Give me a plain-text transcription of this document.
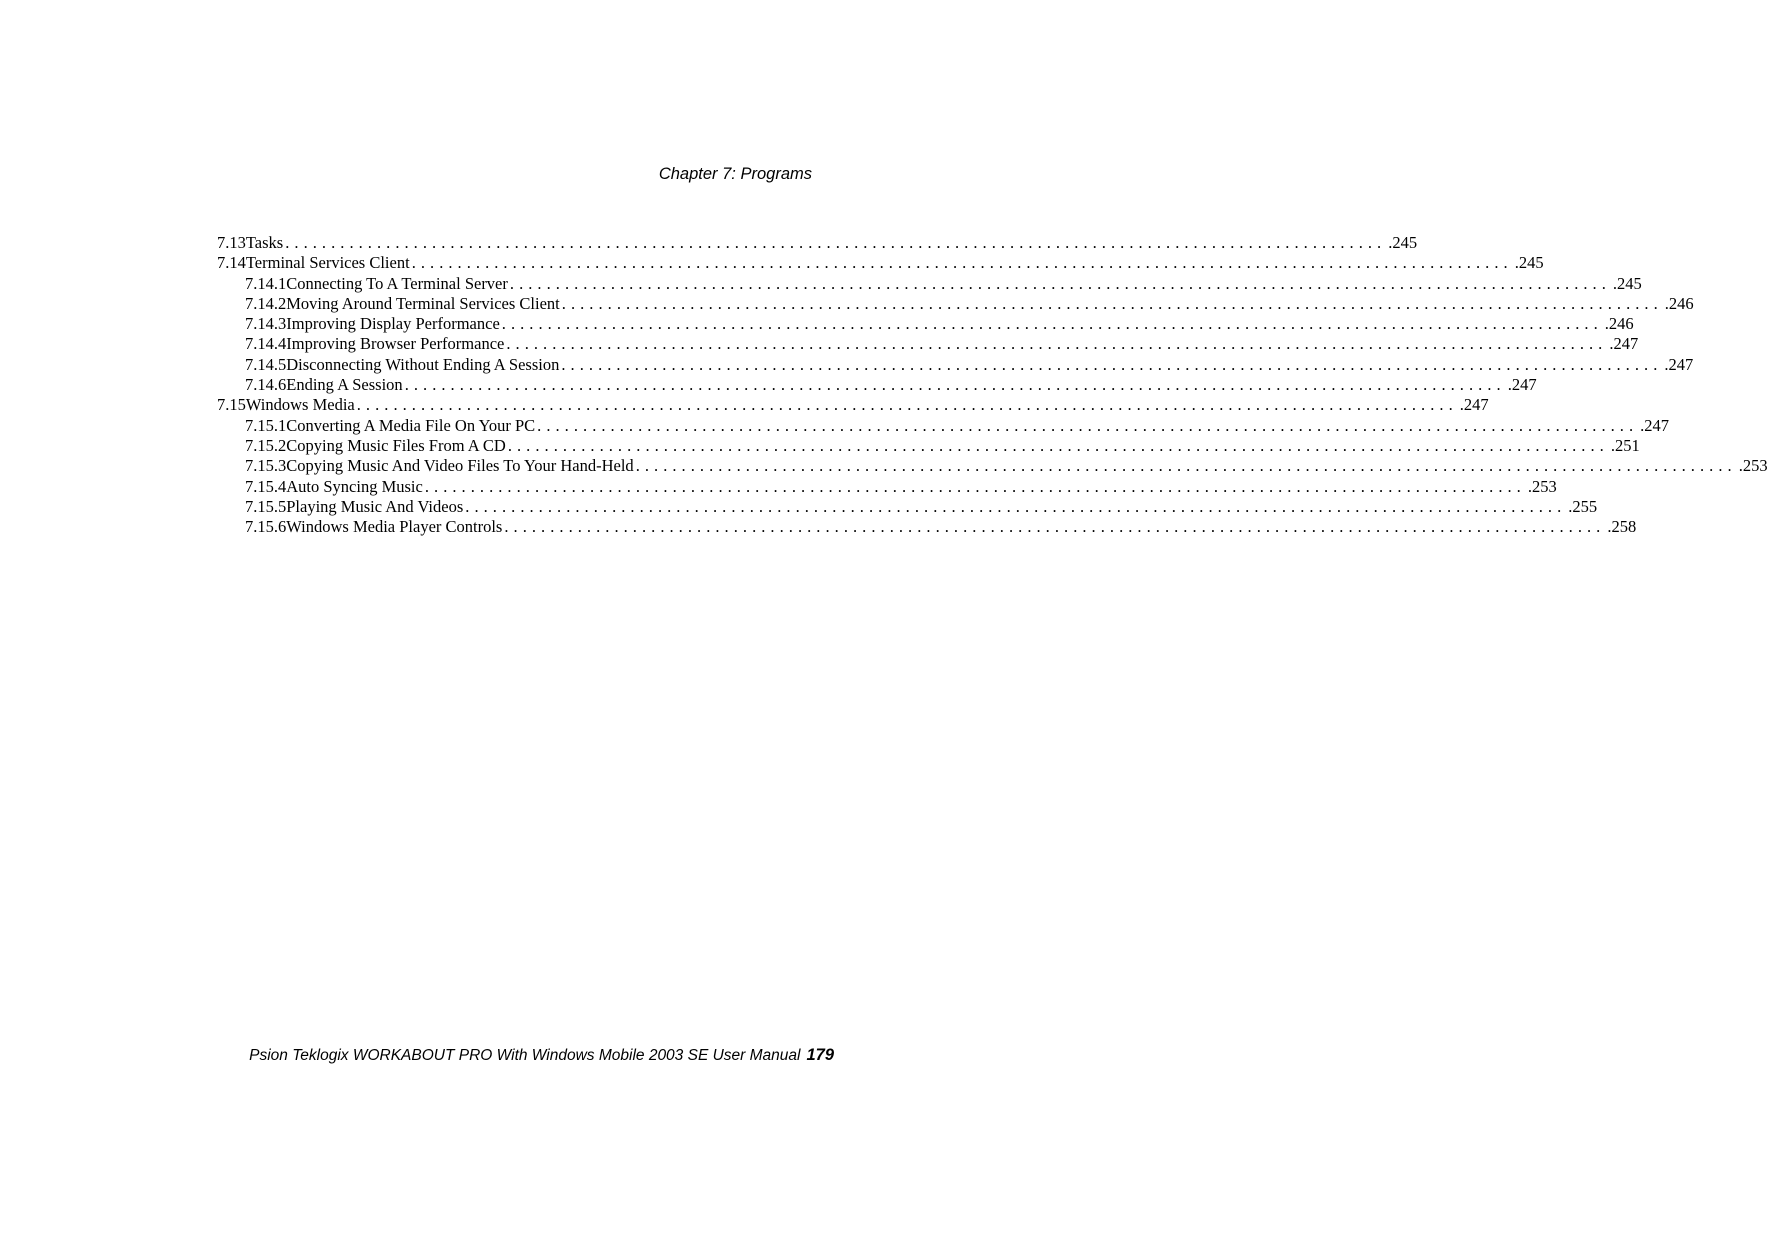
Chapter 7: Programs
7.13 Tasks ........................................................................................................................ .245
7.14 Terminal Services Client ........................................................................................................................ .245
7.14.1 Connecting To A Terminal Server ........................................................................................................................ .245
7.14.2 Moving Around Terminal Services Client ........................................................................................................................ .246
7.14.3 Improving Display Performance ........................................................................................................................ .246
7.14.4 Improving Browser Performance ........................................................................................................................ .247
7.14.5 Disconnecting Without Ending A Session ........................................................................................................................ .247
7.14.6 Ending A Session ........................................................................................................................ .247
7.15 Windows Media ........................................................................................................................ .247
7.15.1 Converting A Media File On Your PC ........................................................................................................................ .247
7.15.2 Copying Music Files From A CD ........................................................................................................................ .251
7.15.3 Copying Music And Video Files To Your Hand-Held ........................................................................................................................ .253
7.15.4 Auto Syncing Music ........................................................................................................................ .253
7.15.5 Playing Music And Videos ........................................................................................................................ .255
7.15.6 Windows Media Player Controls ........................................................................................................................ .258
Psion Teklogix WORKABOUT PRO With Windows Mobile 2003 SE User Manual 179
